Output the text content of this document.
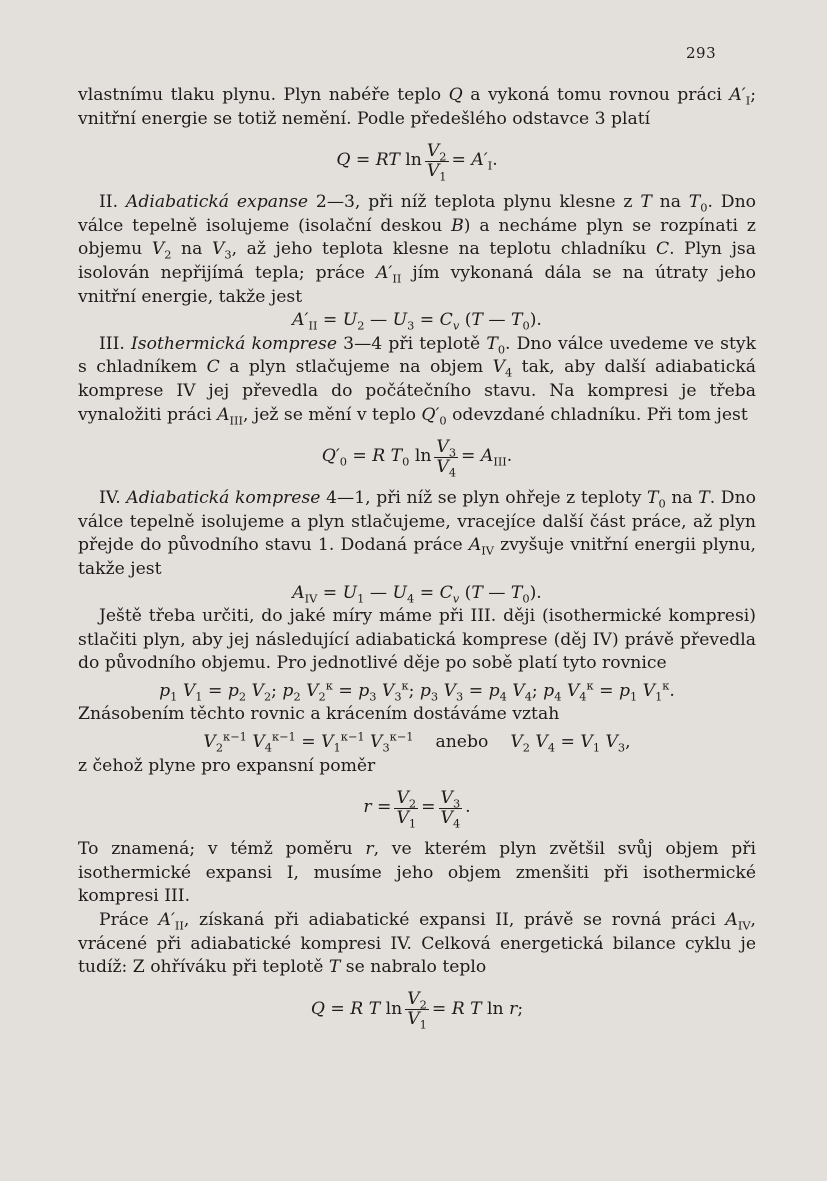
293

vlastnímu tlaku plynu. Plyn nabéře teplo Q a vykoná tomu rovnou práci $A'_I$; vnitřní energie se totiž nemění. Podle předešlého odstavce 3 platí

Q = RT $\ln \frac{V_2}{V_1} = A'_I$.

II. Adiabatická expanse 2—3, při níž teplota plynu klesne z T na $T_0$. Dno válce tepelně isolujeme (isolační deskou B) a necháme plyn se rozpínati z objemu $V_2$ na $V_3$, až jeho teplota klesne na teplotu chladníku C. Plyn jsa isolován nepřijímá tepla; práce $A'_{II}$ jím vykonaná dála se na útraty jeho vnitřní energie, takže jest

$A'_{II} = U_2$ — $U_3 = C_v$ (T — $T_0$).

III. Isothermická komprese 3—4 při teplotě $T_0$. Dno válce uvedeme ve styk s chladníkem C a plyn stlačujeme na objem $V_4$ tak, aby další adiabatická komprese IV jej převedla do počátečního stavu. Na kompresi je třeba vynaložiti práci $A_{III}$, jež se mění v teplo $Q'_0$ odevzdané chladníku. Při tom jest

$Q'_0 = R$ $T_0$ $\ln \frac{V_3}{V_4} = A_{III}$.

IV. Adiabatická komprese 4—1, při níž se plyn ohřeje z teploty $T_0$ na T. Dno válce tepelně isolujeme a plyn stlačujeme, vracejíce další část práce, až plyn přejde do původního stavu 1. Dodaná práce $A_{IV}$ zvyšuje vnitřní energii plynu, takže jest

$A_{IV} = U_1$ — $U_4 = C_v$ (T — $T_0$).

Ještě třeba určiti, do jaké míry máme při III. ději (isothermické kompresi) stlačiti plyn, aby jej následující adiabatická komprese (děj IV) právě převedla do původního objemu. Pro jednotlivé děje po sobě platí tyto rovnice

$p_1$ $V_1 = p_2$ $V_2$; $p_2$ $V_2^\kappa = p_3$ $V_3^\kappa$; $p_3$ $V_3 = p_4$ $V_4$; $p_4$ $V_4^\kappa = p_1$ $V_1^\kappa$.

Znásobením těchto rovnic a krácením dostáváme vztah

$V_2^{\kappa-1}$ $V_4^{\kappa-1} = V_1^{\kappa-1}$ $V_3^{\kappa-1}$ anebo $V_2$ $V_4 = V_1$ $V_3$,

z čehož plyne pro expansní poměr

$r = \frac{V_2}{V_1} = \frac{V_3}{V_4}$ .

To znamená; v témž poměru r, ve kterém plyn zvětšil svůj objem při isothermické expansi I, musíme jeho objem zmenšiti při isothermické kompresi III.

Práce $A'_{II}$, získaná při adiabatické expansi II, právě se rovná práci $A_{IV}$, vrácené při adiabatické kompresi IV. Celková energetická bilance cyklu je tudíž: Z ohříváku při teplotě T se nabralo teplo

Q = R T $\ln \frac{V_2}{V_1} = R$ T ln r;
